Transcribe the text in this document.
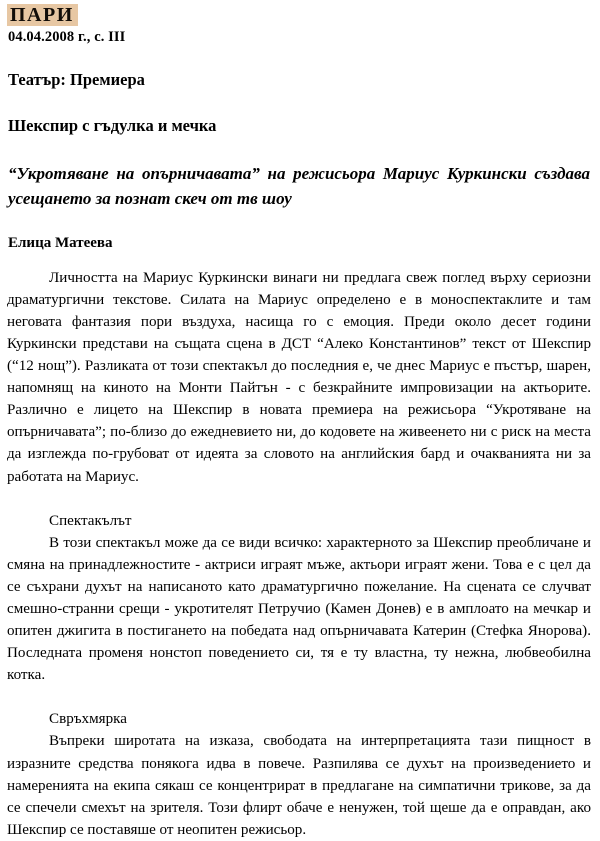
ПАРИ
04.04.2008 г., с. III
Театър: Премиера
Шекспир с гъдулка и мечка
“Укротяване на опърничавата” на режисьора Мариус Куркински създава усещането за познат скеч от тв шоу
Елица Матеева

Личността на Мариус Куркински винаги ни предлага свеж поглед върху сериозни драматургични текстове. Силата на Мариус определено е в моноспектаклите и там неговата фантазия пори въздуха, насища го с емоция. Преди около десет години Куркински представи на същата сцена в ДСТ “Алеко Константинов” текст от Шекспир (“12 нощ”). Разликата от този спектакъл до последния е, че днес Мариус е пъстър, шарен, напомнящ на киното на Монти Пайтън - с безкрайните импровизации на актьорите. Различно е лицето на Шекспир в новата премиера на режисьора “Укротяване на опърничавата”; по-близо до ежедневието ни, до кодовете на живеенето ни с риск на места да изглежда по-грубоват от идеята за словото на английския бард и очакванията ни за работата на Мариус.

Спектакълът

В този спектакъл може да се види всичко: характерното за Шекспир преобличане и смяна на принадлежностите - актриси играят мъже, актьори играят жени. Това е с цел да се съхрани духът на написаното като драматургично пожелание. На сцената се случват смешно-странни срещи - укротителят Петручио (Камен Донев) е в амплоато на мечкар и опитен джигита в постигането на победата над опърничавата Катерин (Стефка Янорова). Последната променя нонстоп поведението си, тя е ту властна, ту нежна, любвеобилна котка.

Свръхмярка

Въпреки широтата на изказа, свободата на интерпретацията тази пищност в изразните средства понякога идва в повече. Разпилява се духът на произведението и намеренията на екипа сякаш се концентрират в предлагане на симпатични трикове, за да се спечели смехът на зрителя. Този флирт обаче е ненужен, той щеше да е оправдан, ако Шекспир се поставяше от неопитен режисьор.
